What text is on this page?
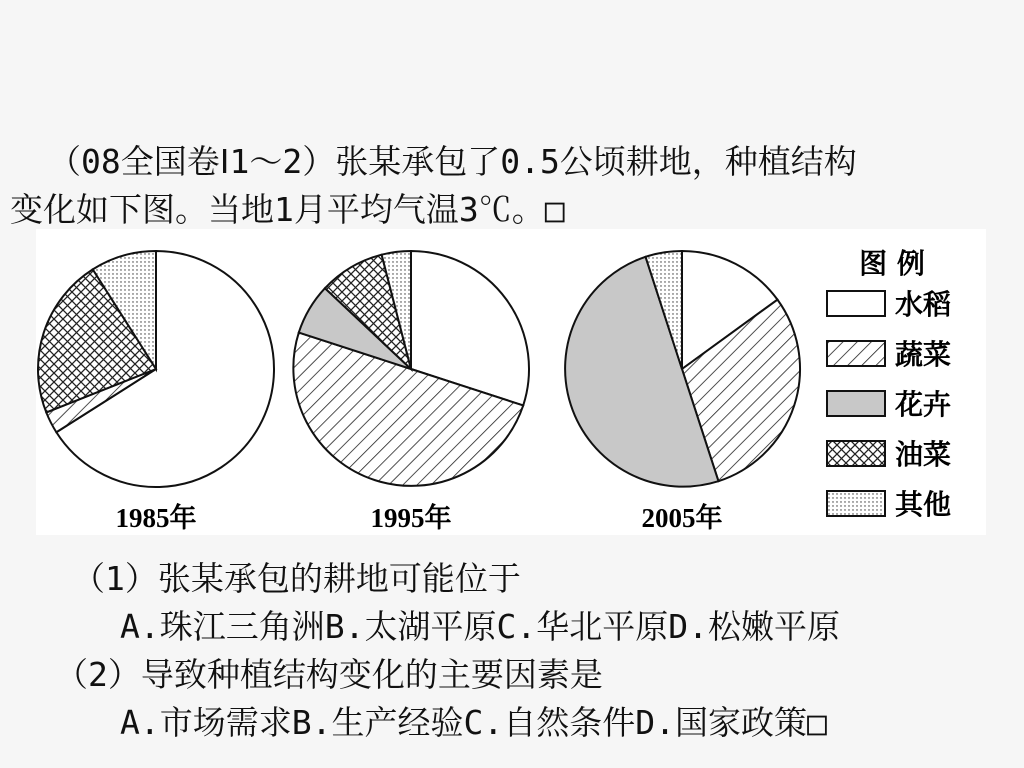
（08全国卷Ⅰ1～2）张某承包了0.5公顷耕地，种植结构
变化如下图。当地1月平均气温3℃。□
1985年	1995年	2005年
图 例
水稻
蔬菜
花卉
油菜
其他
（1）张某承包的耕地可能位于
A.珠江三角洲B.太湖平原C.华北平原D.松嫩平原
（2）导致种植结构变化的主要因素是
A.市场需求B.生产经验C.自然条件D.国家政策□
